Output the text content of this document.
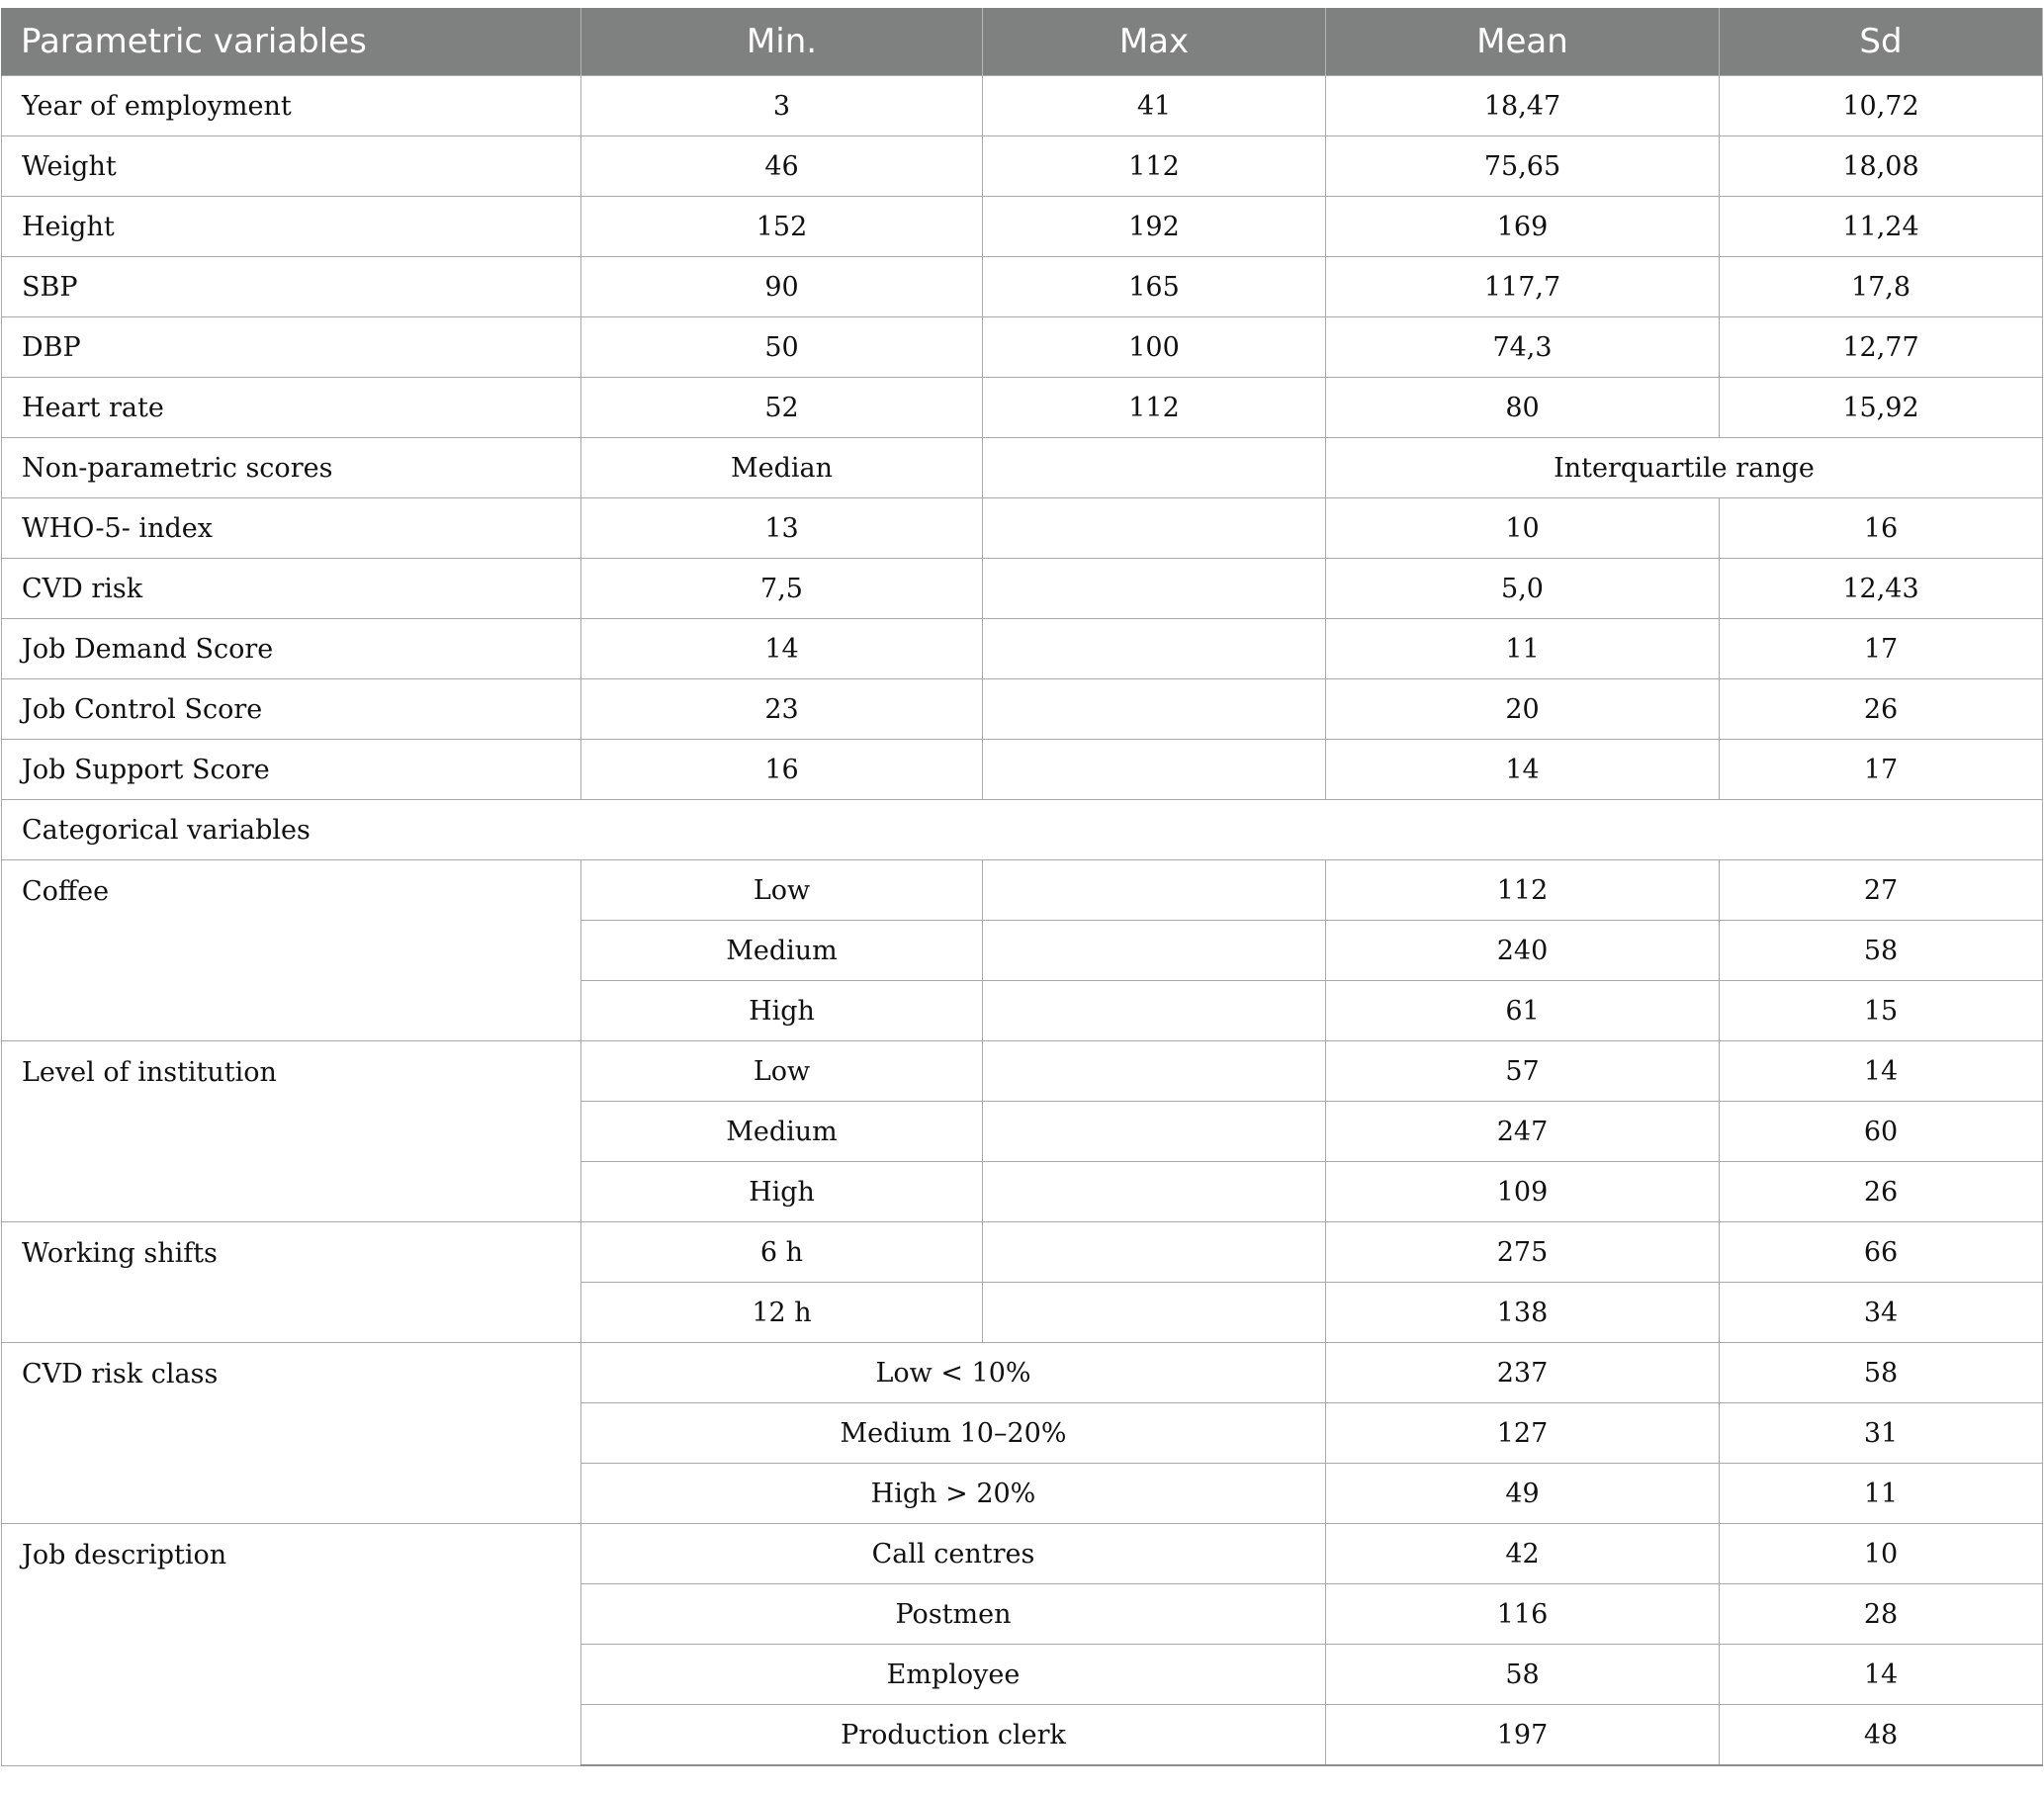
Parametric variables	Min.	Max	Mean	Sd
Year of employment	3	41	18,47	10,72
Weight	46	112	75,65	18,08
Height	152	192	169	11,24
SBP	90	165	117,7	17,8
DBP	50	100	74,3	12,77
Heart rate	52	112	80	15,92
Non-parametric scores	Median		Interquartile range	
WHO-5- index	13		10	16
CVD risk	7,5		5,0	12,43
Job Demand Score	14		11	17
Job Control Score	23		20	26
Job Support Score	16		14	17
Categorical variables				
Coffee	Low		112	27
	Medium		240	58
	High		61	15
Level of institution	Low		57	14
	Medium		247	60
	High		109	26
Working shifts	6 h		275	66
	12 h		138	34
CVD risk class	Low < 10%		237	58
	Medium 10–20%		127	31
	High > 20%		49	11
Job description	Call centres		42	10
	Postmen		116	28
	Employee		58	14
	Production clerk		197	48
